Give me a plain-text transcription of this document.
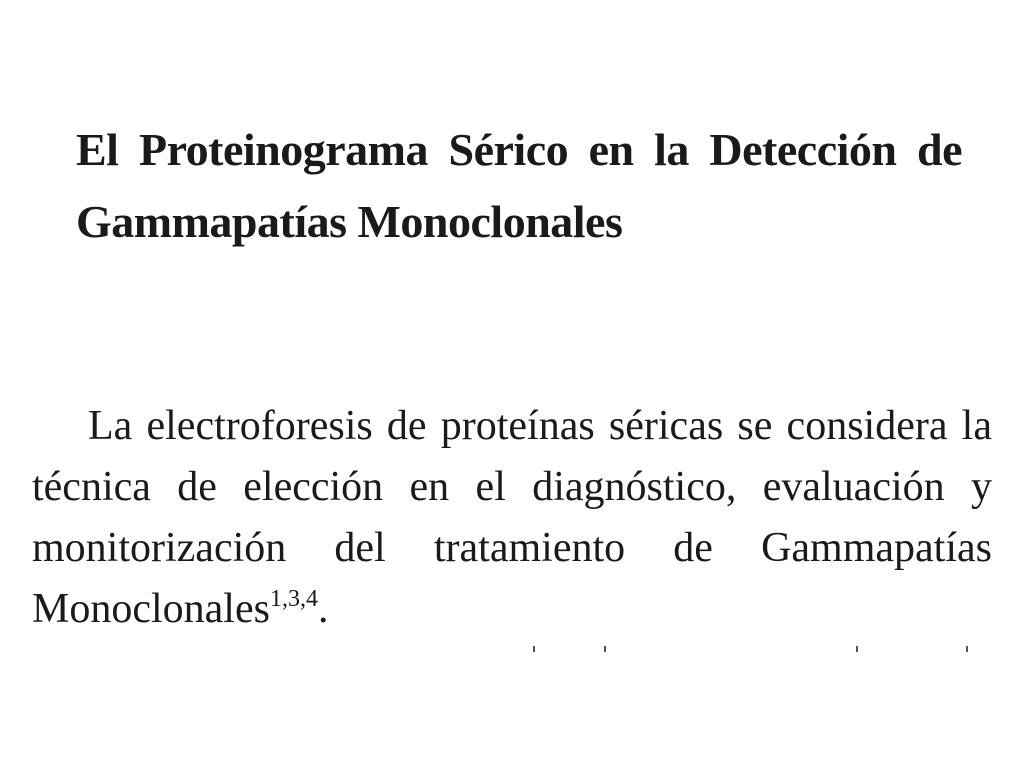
El Proteinograma Sérico en la Detección de
Gammapatías Monoclonales

La electroforesis de proteínas séricas se considera la
técnica de elección en el diagnóstico, evaluación y
monitorización del tratamiento de Gammapatías
Monoclonales$^{1,3,4}$.
